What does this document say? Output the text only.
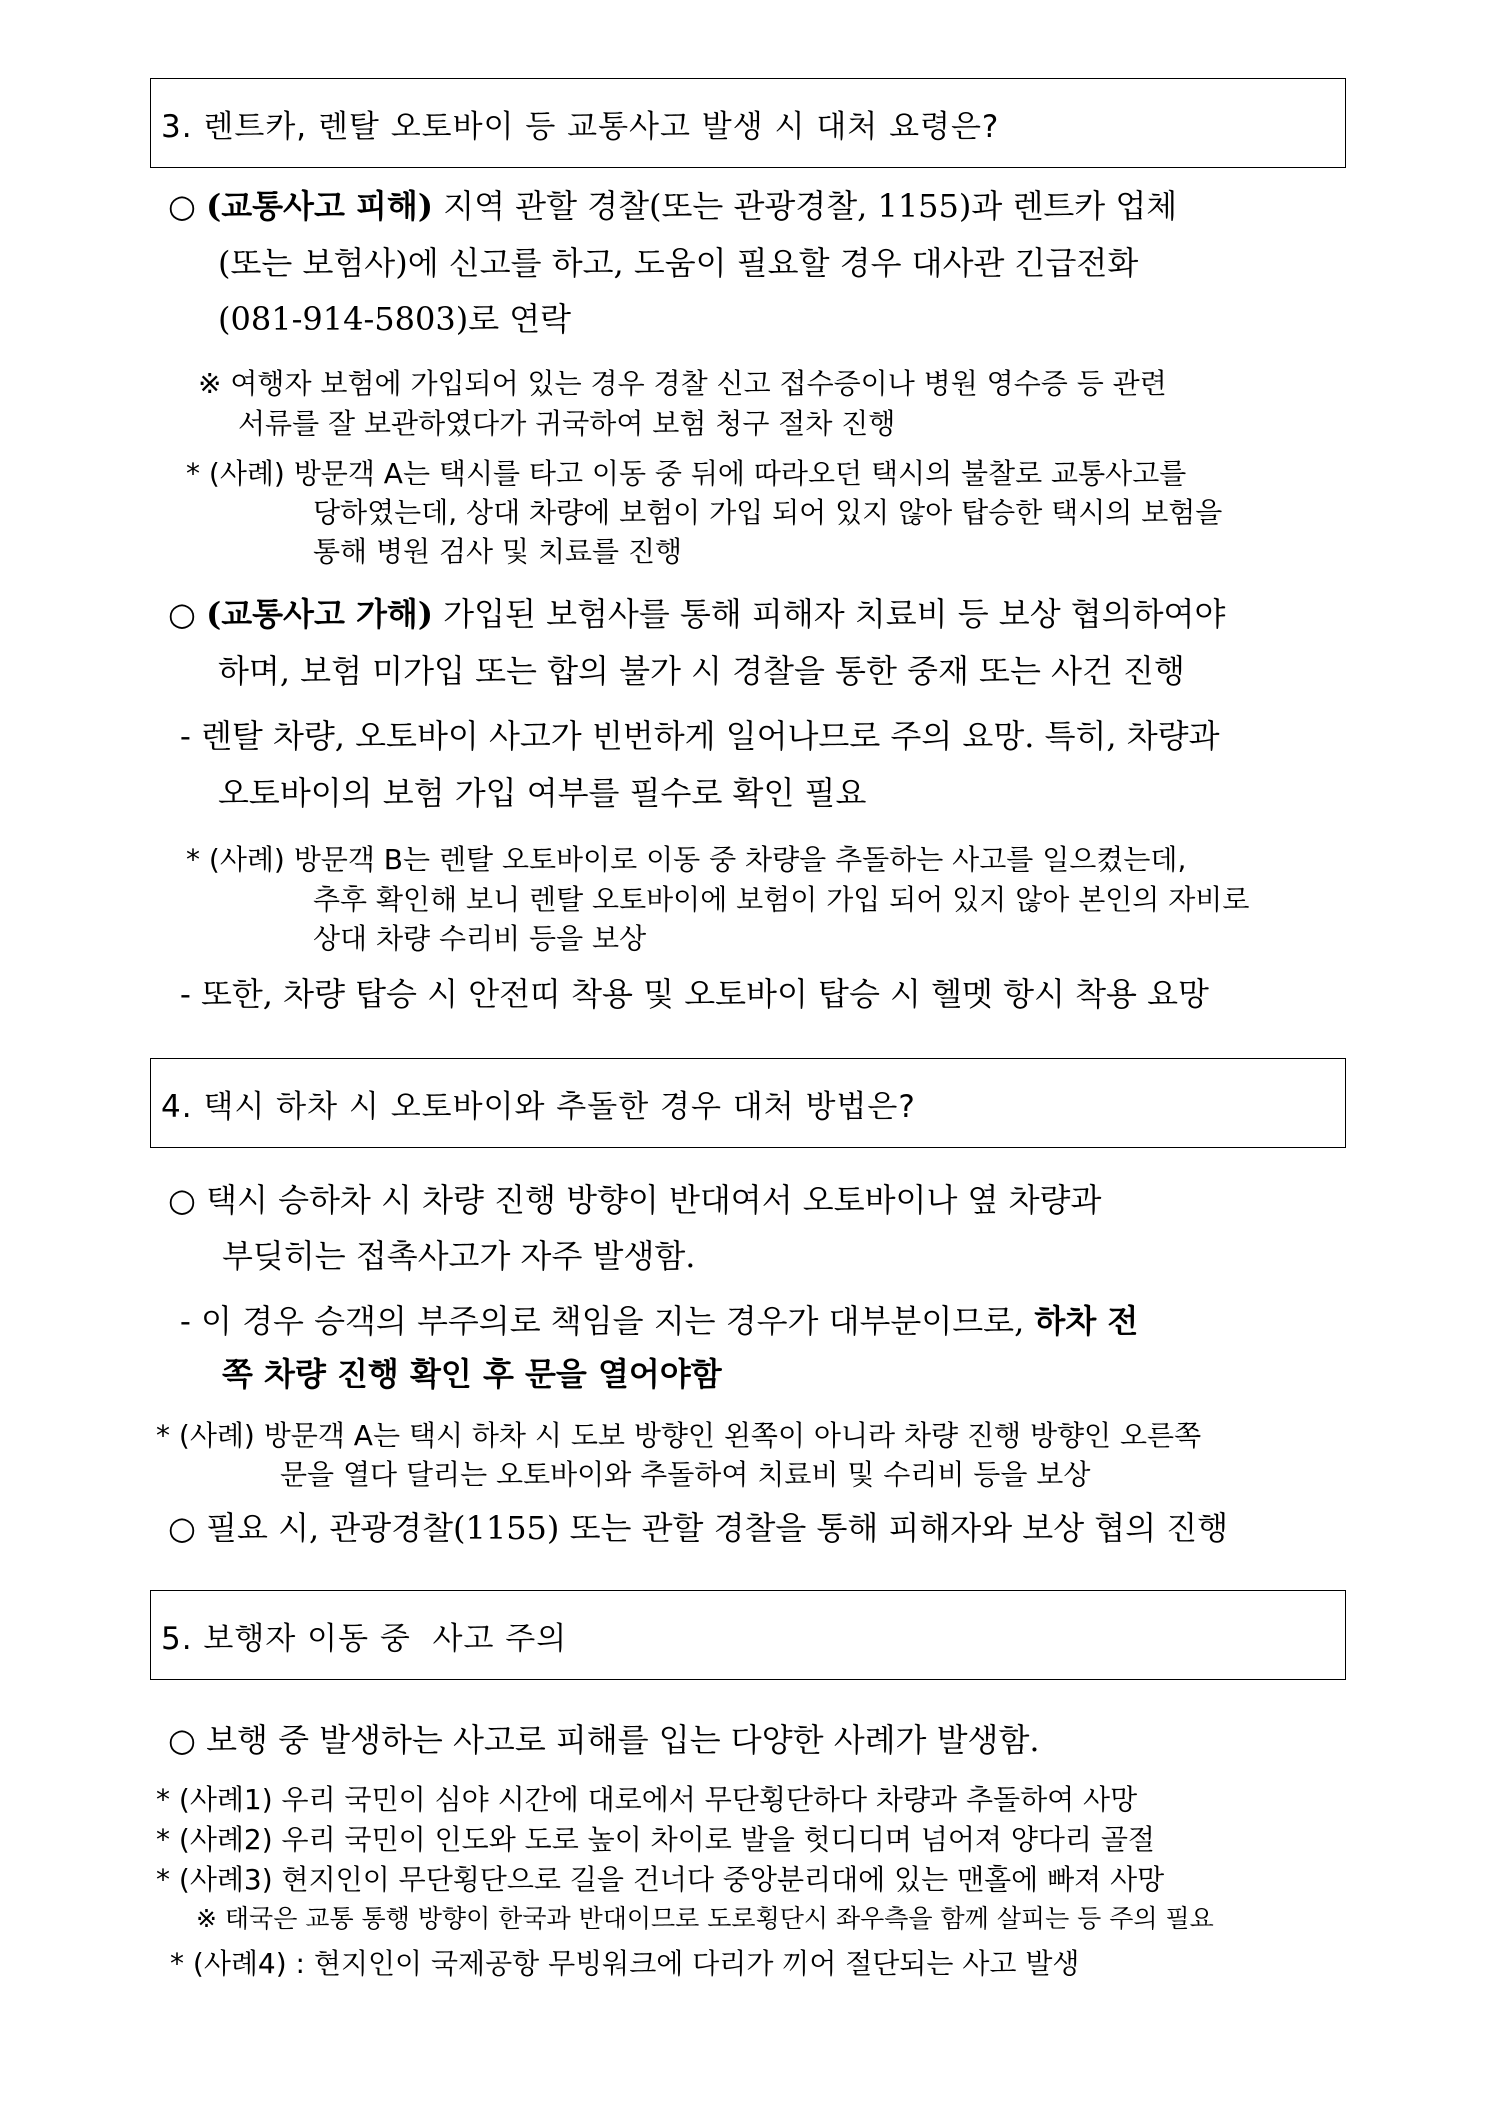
3. 렌트카, 렌탈 오토바이 등 교통사고 발생 시 대처 요령은?
○ (교통사고 피해) 지역 관할 경찰(또는 관광경찰, 1155)과 렌트카 업체
(또는 보험사)에 신고를 하고, 도움이 필요할 경우 대사관 긴급전화
(081-914-5803)로 연락
※ 여행자 보험에 가입되어 있는 경우 경찰 신고 접수증이나 병원 영수증 등 관련
서류를 잘 보관하였다가 귀국하여 보험 청구 절차 진행
* (사례) 방문객 A는 택시를 타고 이동 중 뒤에 따라오던 택시의 불찰로 교통사고를
당하였는데, 상대 차량에 보험이 가입 되어 있지 않아 탑승한 택시의 보험을
통해 병원 검사 및 치료를 진행
○ (교통사고 가해) 가입된 보험사를 통해 피해자 치료비 등 보상 협의하여야
하며, 보험 미가입 또는 합의 불가 시 경찰을 통한 중재 또는 사건 진행
- 렌탈 차량, 오토바이 사고가 빈번하게 일어나므로 주의 요망. 특히, 차량과
오토바이의 보험 가입 여부를 필수로 확인 필요
* (사례) 방문객 B는 렌탈 오토바이로 이동 중 차량을 추돌하는 사고를 일으켰는데,
추후 확인해 보니 렌탈 오토바이에 보험이 가입 되어 있지 않아 본인의 자비로
상대 차량 수리비 등을 보상
- 또한, 차량 탑승 시 안전띠 착용 및 오토바이 탑승 시 헬멧 항시 착용 요망
4. 택시 하차 시 오토바이와 추돌한 경우 대처 방법은?
○ 택시 승하차 시 차량 진행 방향이 반대여서 오토바이나 옆 차량과
부딪히는 접촉사고가 자주 발생함.
- 이 경우 승객의 부주의로 책임을 지는 경우가 대부분이므로, 하차 전
쪽 차량 진행 확인 후 문을 열어야함
* (사례) 방문객 A는 택시 하차 시 도보 방향인 왼쪽이 아니라 차량 진행 방향인 오른쪽
문을 열다 달리는 오토바이와 추돌하여 치료비 및 수리비 등을 보상
○ 필요 시, 관광경찰(1155) 또는 관할 경찰을 통해 피해자와 보상 협의 진행
5. 보행자 이동 중  사고 주의
○ 보행 중 발생하는 사고로 피해를 입는 다양한 사례가 발생함.
* (사례1) 우리 국민이 심야 시간에 대로에서 무단횡단하다 차량과 추돌하여 사망
* (사례2) 우리 국민이 인도와 도로 높이 차이로 발을 헛디디며 넘어져 양다리 골절
* (사례3) 현지인이 무단횡단으로 길을 건너다 중앙분리대에 있는 맨홀에 빠져 사망
※ 태국은 교통 통행 방향이 한국과 반대이므로 도로횡단시 좌우측을 함께 살피는 등 주의 필요
* (사례4) : 현지인이 국제공항 무빙워크에 다리가 끼어 절단되는 사고 발생
